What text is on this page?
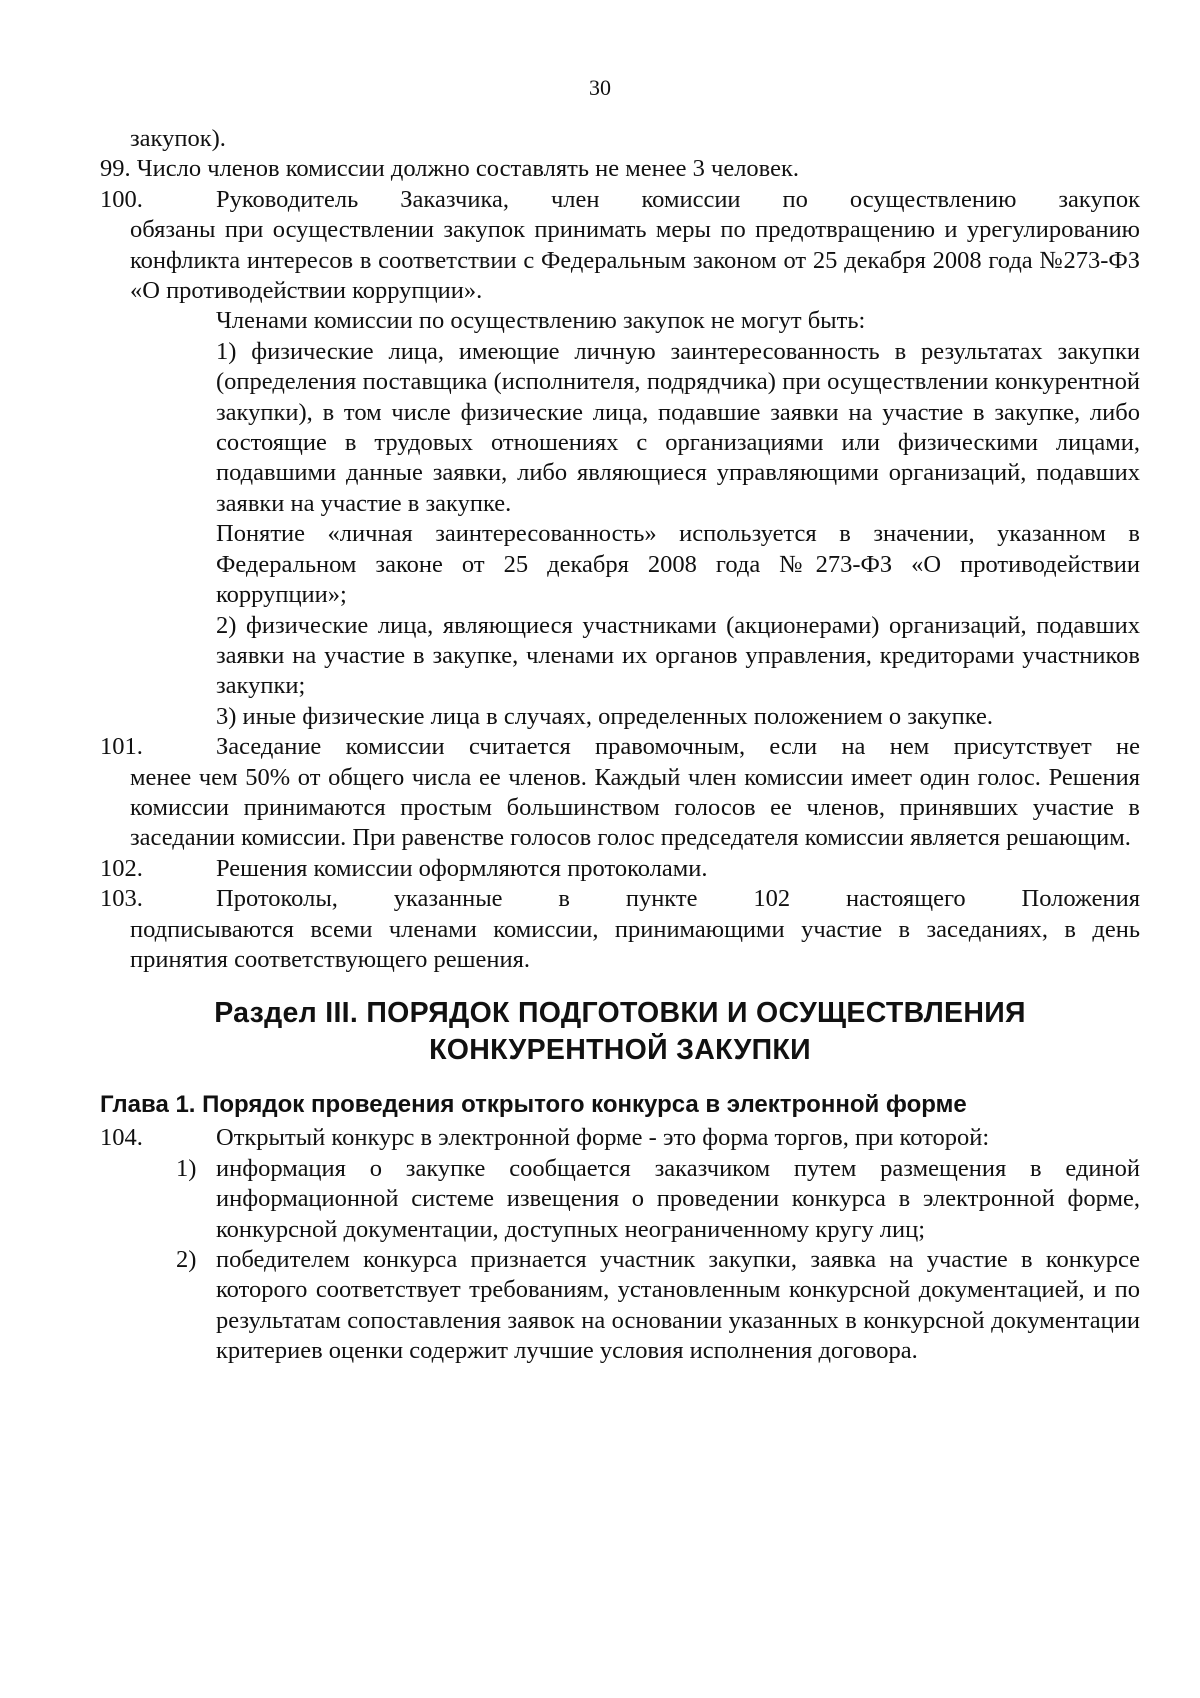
30
закупок).
99. Число членов комиссии должно составлять не менее 3 человек.
100.	Руководитель Заказчика, член комиссии по осуществлению закупок
обязаны при осуществлении закупок принимать меры по предотвращению и урегулированию конфликта интересов в соответствии с Федеральным законом от 25 декабря 2008 года №273-ФЗ «О противодействии коррупции».
Членами комиссии по осуществлению закупок не могут быть:
1) физические лица, имеющие личную заинтересованность в результатах закупки (определения поставщика (исполнителя, подрядчика) при осуществлении конкурентной закупки), в том числе физические лица, подавшие заявки на участие в закупке, либо состоящие в трудовых отношениях с организациями или физическими лицами, подавшими данные заявки, либо являющиеся управляющими организаций, подавших заявки на участие в закупке.
Понятие «личная заинтересованность» используется в значении, указанном в Федеральном законе от 25 декабря 2008 года №273-ФЗ «О противодействии коррупции»;
2) физические лица, являющиеся участниками (акционерами) организаций, подавших заявки на участие в закупке, членами их органов управления, кредиторами участников закупки;
3) иные физические лица в случаях, определенных положением о закупке.
101.	Заседание комиссии считается правомочным, если на нем присутствует не
менее чем 50% от общего числа ее членов. Каждый член комиссии имеет один голос. Решения комиссии принимаются простым большинством голосов ее членов, принявших участие в заседании комиссии. При равенстве голосов голос председателя комиссии является решающим.
102.	Решения комиссии оформляются протоколами.
103.	Протоколы, указанные в пункте 102 настоящего Положения
подписываются всеми членами комиссии, принимающими участие в заседаниях, в день принятия соответствующего решения.
Раздел III. ПОРЯДОК ПОДГОТОВКИ И ОСУЩЕСТВЛЕНИЯ
КОНКУРЕНТНОЙ ЗАКУПКИ
Глава 1. Порядок проведения открытого конкурса в электронной форме
104.	Открытый конкурс в электронной форме - это форма торгов, при которой:
1) информация о закупке сообщается заказчиком путем размещения в единой информационной системе извещения о проведении конкурса в электронной форме, конкурсной документации, доступных неограниченному кругу лиц;
2) победителем конкурса признается участник закупки, заявка на участие в конкурсе которого соответствует требованиям, установленным конкурсной документацией, и по результатам сопоставления заявок на основании указанных в конкурсной документации критериев оценки содержит лучшие условия исполнения договора.
